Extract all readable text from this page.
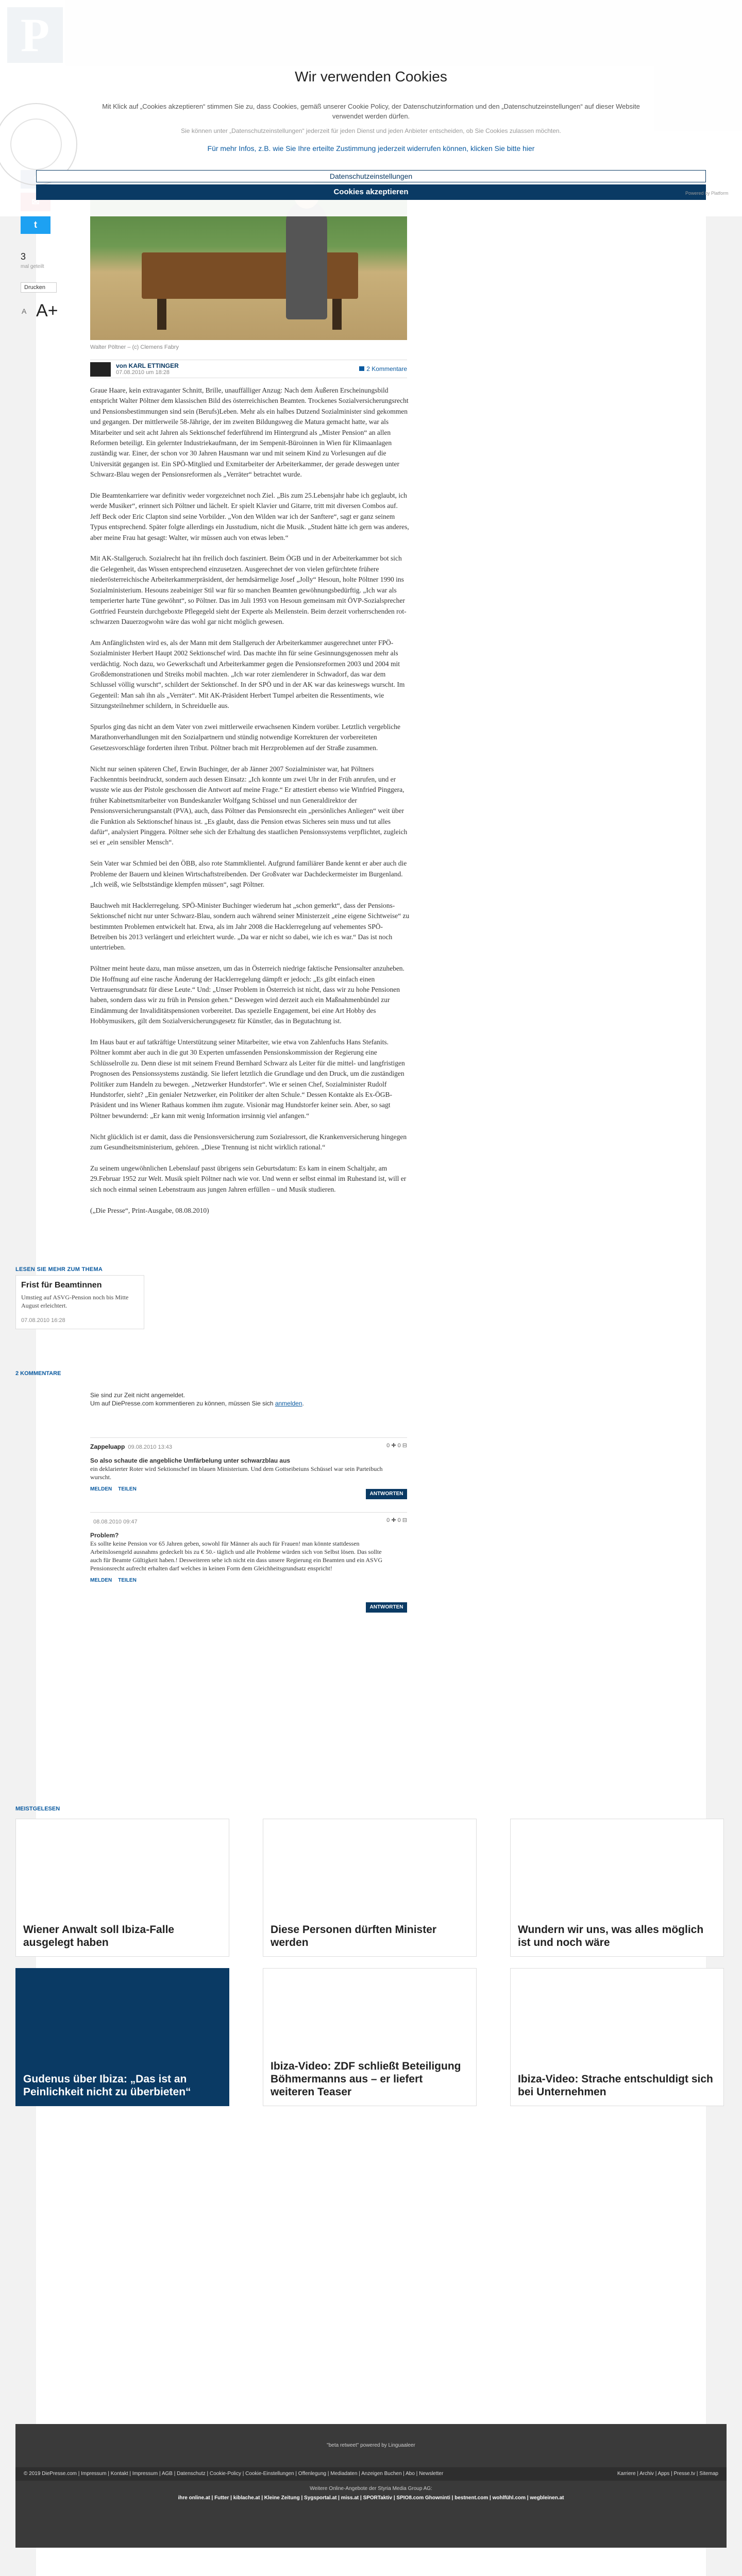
t
3
mal geteilt
Drucken
A A+
Walter Pöltner – (c) Clemens Fabry
von KARL ETTINGER
07.08.2010 um 18:28	2 Kommentare

Graue Haare, kein extravaganter Schnitt, Brille, unauffälliger Anzug: Nach dem Äußeren Erscheinungsbild entspricht Walter Pöltner dem klassischen Bild des österreichischen Beamten. Trockenes Sozialversicherungsrecht und Pensionsbestimmungen sind sein (Berufs)Leben. Mehr als ein halbes Dutzend Sozialminister sind gekommen und gegangen. Der mittlerweile 58-Jährige, der im zweiten Bildungsweg die Matura gemacht hatte, war als Mitarbeiter und seit acht Jahren als Sektionschef federführend im Hintergrund als „Mister Pension“ an allen Reformen beteiligt. Ein gelernter Industriekaufmann, der im Sempenit-Büroinnen in Wien für Klimaanlagen zuständig war. Einer, der schon vor 30 Jahren Hausmann war und mit seinem Kind zu Vorlesungen auf die Universität gegangen ist. Ein SPÖ-Mitglied und Exmitarbeiter der Arbeiterkammer, der gerade deswegen unter Schwarz-Blau wegen der Pensionsreformen als „Verräter“ betrachtet wurde.

Die Beamtenkarriere war definitiv weder vorgezeichnet noch Ziel. „Bis zum 25.Lebensjahr habe ich geglaubt, ich werde Musiker“, erinnert sich Pöltner und lächelt. Er spielt Klavier und Gitarre, tritt mit diversen Combos auf. Jeff Beck oder Eric Clapton sind seine Vorbilder. „Von den Wilden war ich der Sanftere“, sagt er ganz seinem Typus entsprechend. Später folgte allerdings ein Jusstudium, nicht die Musik. „Student hätte ich gern was anderes, aber meine Frau hat gesagt: Walter, wir müssen auch von etwas leben.“

Mit AK-Stallgeruch. Sozialrecht hat ihn freilich doch fasziniert. Beim ÖGB und in der Arbeiterkammer bot sich die Gelegenheit, das Wissen entsprechend einzusetzen. Ausgerechnet der von vielen gefürchtete frühere niederösterreichische Arbeiterkammerpräsident, der hemdsärmelige Josef „Jolly“ Hesoun, holte Pöltner 1990 ins Sozialministerium. Hesouns zeabeiniger Stil war für so manchen Beamten gewöhnungsbedürftig. „Ich war als temperierter harte Tüne gewöhnt“, so Pöltner. Das im Juli 1993 von Hesoun gemeinsam mit ÖVP-Sozialsprecher Gottfried Feurstein durchgeboxte Pflegegeld sieht der Experte als Meilenstein. Beim derzeit vorherrschenden rot-schwarzen Dauerzogwohn wäre das wohl gar nicht möglich gewesen.

Am Anfänglichsten wird es, als der Mann mit dem Stallgeruch der Arbeiterkammer ausgerechnet unter FPÖ-Sozialminister Herbert Haupt 2002 Sektionschef wird. Das machte ihn für seine Gesinnungsgenossen mehr als verdächtig. Noch dazu, wo Gewerkschaft und Arbeiterkammer gegen die Pensionsreformen 2003 und 2004 mit Großdemonstrationen und Streiks mobil machten. „Ich war roter ziemlenderer in Schwadorf, das war dem Schlussel völlig wurscht“, schildert der Sektionschef. In der SPÖ und in der AK war das keineswegs wurscht. Im Gegenteil: Man sah ihn als „Verräter“. Mit AK-Präsident Herbert Tumpel arbeiten die Ressentiments, wie Sitzungsteilnehmer schildern, in Schreiduelle aus.

Spurlos ging das nicht an dem Vater von zwei mittlerweile erwachsenen Kindern vorüber. Letztlich vergebliche Marathonverhandlungen mit den Sozialpartnern und stündig notwendige Korrekturen der vorbereiteten Gesetzesvorschläge forderten ihren Tribut. Pöltner brach mit Herzproblemen auf der Straße zusammen.

Nicht nur seinen späteren Chef, Erwin Buchinger, der ab Jänner 2007 Sozialminister war, hat Pöltners Fachkenntnis beeindruckt, sondern auch dessen Einsatz: „Ich konnte um zwei Uhr in der Früh anrufen, und er wusste wie aus der Pistole geschossen die Antwort auf meine Frage.“ Er attestiert ebenso wie Winfried Pinggera, früher Kabinettsmitarbeiter von Bundeskanzler Wolfgang Schüssel und nun Generaldirektor der Pensionsversicherungsanstalt (PVA), auch, dass Pöltner das Pensionsrecht ein „persönliches Anliegen“ weit über die Funktion als Sektionschef hinaus ist. „Es glaubt, dass die Pension etwas Sicheres sein muss und tut alles dafür“, analysiert Pinggera. Pöltner sehe sich der Erhaltung des staatlichen Pensionssystems verpflichtet, zugleich sei er „ein sensibler Mensch“.

Sein Vater war Schmied bei den ÖBB, also rote Stammklientel. Aufgrund familiärer Bande kennt er aber auch die Probleme der Bauern und kleinen Wirtschaftstreibenden. Der Großvater war Dachdeckermeister im Burgenland. „Ich weiß, wie Selbstständige klempfen müssen“, sagt Pöltner.

Bauchweh mit Hacklerregelung. SPÖ-Minister Buchinger wiederum hat „schon gemerkt“, dass der Pensions-Sektionschef nicht nur unter Schwarz-Blau, sondern auch während seiner Ministerzeit „eine eigene Sichtweise“ zu bestimmten Problemen entwickelt hat. Etwa, als im Jahr 2008 die Hacklerregelung auf vehementes SPÖ-Betreiben bis 2013 verlängert und erleichtert wurde. „Da war er nicht so dabei, wie ich es war.“ Das ist noch untertrieben.

Pöltner meint heute dazu, man müsse ansetzen, um das in Österreich niedrige faktische Pensionsalter anzuheben. Die Hoffnung auf eine rasche Änderung der Hacklerregelung dämpft er jedoch: „Es gibt einfach einen Vertrauensgrundsatz für diese Leute.“ Und: „Unser Problem in Österreich ist nicht, dass wir zu hohe Pensionen haben, sondern dass wir zu früh in Pension gehen.“ Deswegen wird derzeit auch ein Maßnahmenbündel zur Eindämmung der Invaliditätspensionen vorbereitet. Das spezielle Engagement, bei eine Art Hobby des Hobbymusikers, gilt dem Sozialversicherungsgesetz für Künstler, das in Begutachtung ist.

Im Haus baut er auf tatkräftige Unterstützung seiner Mitarbeiter, wie etwa von Zahlenfuchs Hans Stefanits. Pöltner kommt aber auch in die gut 30 Experten umfassenden Pensionskommission der Regierung eine Schlüsselrolle zu. Denn diese ist mit seinem Freund Bernhard Schwarz als Leiter für die mittel- und langfristigen Prognosen des Pensionssystems zuständig. Sie liefert letztlich die Grundlage und den Druck, um die zuständigen Politiker zum Handeln zu bewegen. „Netzwerker Hundstorfer“. Wie er seinen Chef, Sozialminister Rudolf Hundstorfer, sieht? „Ein genialer Netzwerker, ein Politiker der alten Schule.“ Dessen Kontakte als Ex-ÖGB-Präsident und ins Wiener Rathaus kommen ihm zugute. Visionär mag Hundstorfer keiner sein. Aber, so sagt Pöltner bewundernd: „Er kann mit wenig Information irrsinnig viel anfangen.“

Nicht glücklich ist er damit, dass die Pensionsversicherung zum Sozialressort, die Krankenversicherung hingegen zum Gesundheitsministerium, gehören. „Diese Trennung ist nicht wirklich rational.“

Zu seinem ungewöhnlichen Lebenslauf passt übrigens sein Geburtsdatum: Es kam in einem Schaltjahr, am 29.Februar 1952 zur Welt. Musik spielt Pöltner nach wie vor. Und wenn er selbst einmal im Ruhestand ist, will er sich noch einmal seinen Lebenstraum aus jungen Jahren erfüllen – und Musik studieren.

(„Die Presse“, Print-Ausgabe, 08.08.2010)

LESEN SIE MEHR ZUM THEMA
Frist für Beamtinnen
Umstieg auf ASVG-Pension noch bis Mitte August erleichtert.
07.08.2010 16:28
2 KOMMENTARE
Sie sind zur Zeit nicht angemeldet.
Um auf DiePresse.com kommentieren zu können, müssen Sie sich anmelden.
Zappeluapp 09.08.2010 13:43	0 ✚ 0 ⊟
So also schaute die angebliche Umfärbelung unter schwarzblau aus
ein deklarierter Roter wird Sektionschef im blauen Ministerium. Und dem Gottseibeiuns Schüssel war sein Parteibuch wurscht.
MELDEN TEILEN
ANTWORTEN
08.08.2010 09:47	0 ✚ 0 ⊟
Problem?
Es sollte keine Pension vor 65 Jahren geben, sowohl für Männer als auch für Frauen! man könnte stattdessen Arbeitslosengeld ausnahms gedeckelt bis zu € 50.- täglich und alle Probleme würden sich von Selbst lösen. Das sollte auch für Beamte Gültigkeit haben.! Desweiteren sehe ich nicht ein dass unsere Regierung ein Beamten und ein ASVG Pensionsrecht aufrecht erhalten darf welches in keinen Form dem Gleichheitsgrundsatz enspricht!
MELDEN TEILEN
ANTWORTEN
MEISTGELESEN
Wiener Anwalt soll Ibiza-Falle ausgelegt haben
Diese Personen dürften Minister werden
Wundern wir uns, was alles möglich ist und noch wäre
Gudenus über Ibiza: „Das ist an Peinlichkeit nicht zu überbieten“
Ibiza-Video: ZDF schließt Beteiligung Böhmermanns aus – er liefert weiteren Teaser
Ibiza-Video: Strache entschuldigt sich bei Unternehmen
"beta retweet" powered by Linguaaleer
© 2019 DiePresse.com | Impressum | Kontakt | Impressum | AGB | Datenschutz | Cookie-Policy | Cookie-Einstellungen | Offenlegung | Mediadaten | Anzeigen Buchen | Abo | Newsletter	Karriere | Archiv | Apps | Presse.tv | Sitemap
Weitere Online-Angebote der Styria Media Group AG:
ihre online.at | Futter | kiblache.at | Kleine Zeitung | Sygsportal.at | miss.at | SPORTaktiv | SPIO8.com Ghowninti | bestnent.com | wohlfühl.com | wegbleinen.at
Wir verwenden Cookies
Mit Klick auf „Cookies akzeptieren“ stimmen Sie zu, dass Cookies, gemäß unserer Cookie Policy, der Datenschutzinformation und den „Datenschutzeinstellungen“ auf dieser Website verwendet werden dürfen.
Sie können unter „Datenschutzeinstellungen“ jederzeit für jeden Dienst und jeden Anbieter entscheiden, ob Sie Cookies zulassen möchten.
Für mehr Infos, z.B. wie Sie Ihre erteilte Zustimmung jederzeit widerrufen können, klicken Sie bitte hier
Datenschutzeinstellungen
Cookies akzeptieren	Powered by Platform
